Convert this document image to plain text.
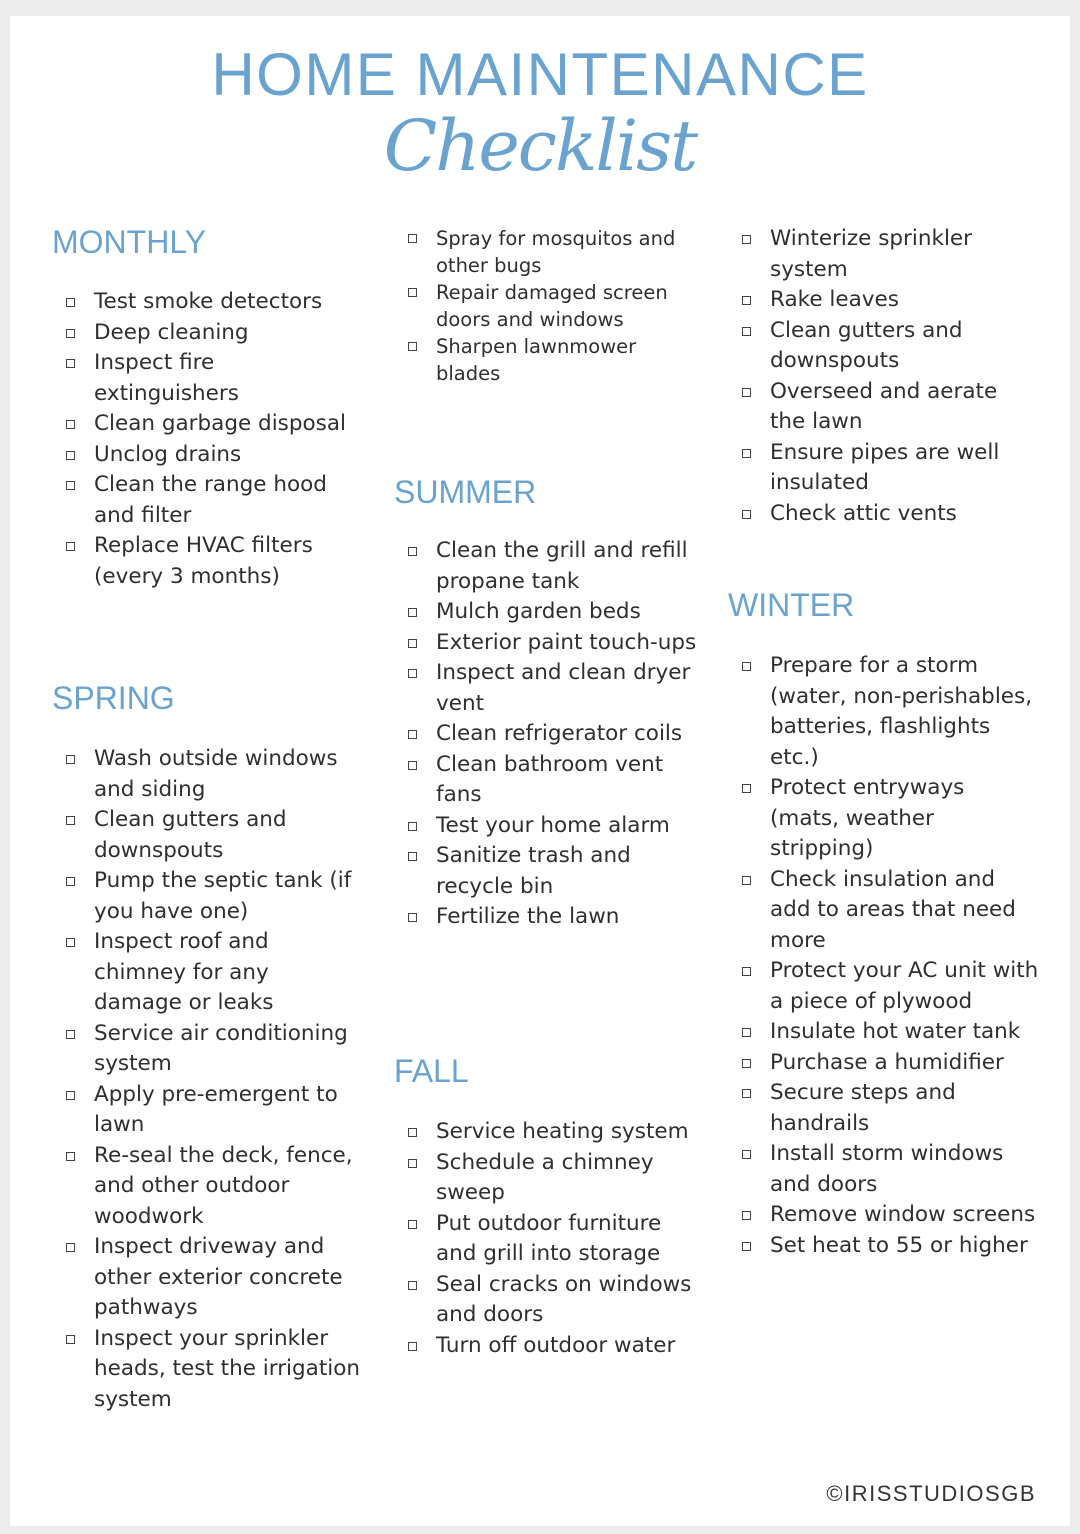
HOME MAINTENANCE
Checklist
MONTHLY
Test smoke detectors
Deep cleaning
Inspect fire extinguishers
Clean garbage disposal
Unclog drains
Clean the range hood and filter
Replace HVAC filters (every 3 months)
SPRING
Wash outside windows and siding
Clean gutters and downspouts
Pump the septic tank (if you have one)
Inspect roof and chimney for any damage or leaks
Service air conditioning system
Apply pre-emergent to lawn
Re-seal the deck, fence, and other outdoor woodwork
Inspect driveway and other exterior concrete pathways
Inspect your sprinkler heads, test the irrigation system
Spray for mosquitos and other bugs
Repair damaged screen doors and windows
Sharpen lawnmower blades
SUMMER
Clean the grill and refill propane tank
Mulch garden beds
Exterior paint touch-ups
Inspect and clean dryer vent
Clean refrigerator coils
Clean bathroom vent fans
Test your home alarm
Sanitize trash and recycle bin
Fertilize the lawn
FALL
Service heating system
Schedule a chimney sweep
Put outdoor furniture and grill into storage
Seal cracks on windows and doors
Turn off outdoor water
Winterize sprinkler system
Rake leaves
Clean gutters and downspouts
Overseed and aerate the lawn
Ensure pipes are well insulated
Check attic vents
WINTER
Prepare for a storm (water, non-perishables, batteries, flashlights etc.)
Protect entryways (mats, weather stripping)
Check insulation and add to areas that need more
Protect your AC unit with a piece of plywood
Insulate hot water tank
Purchase a humidifier
Secure steps and handrails
Install storm windows and doors
Remove window screens
Set heat to 55 or higher
©IRISSTUDIOSGB
